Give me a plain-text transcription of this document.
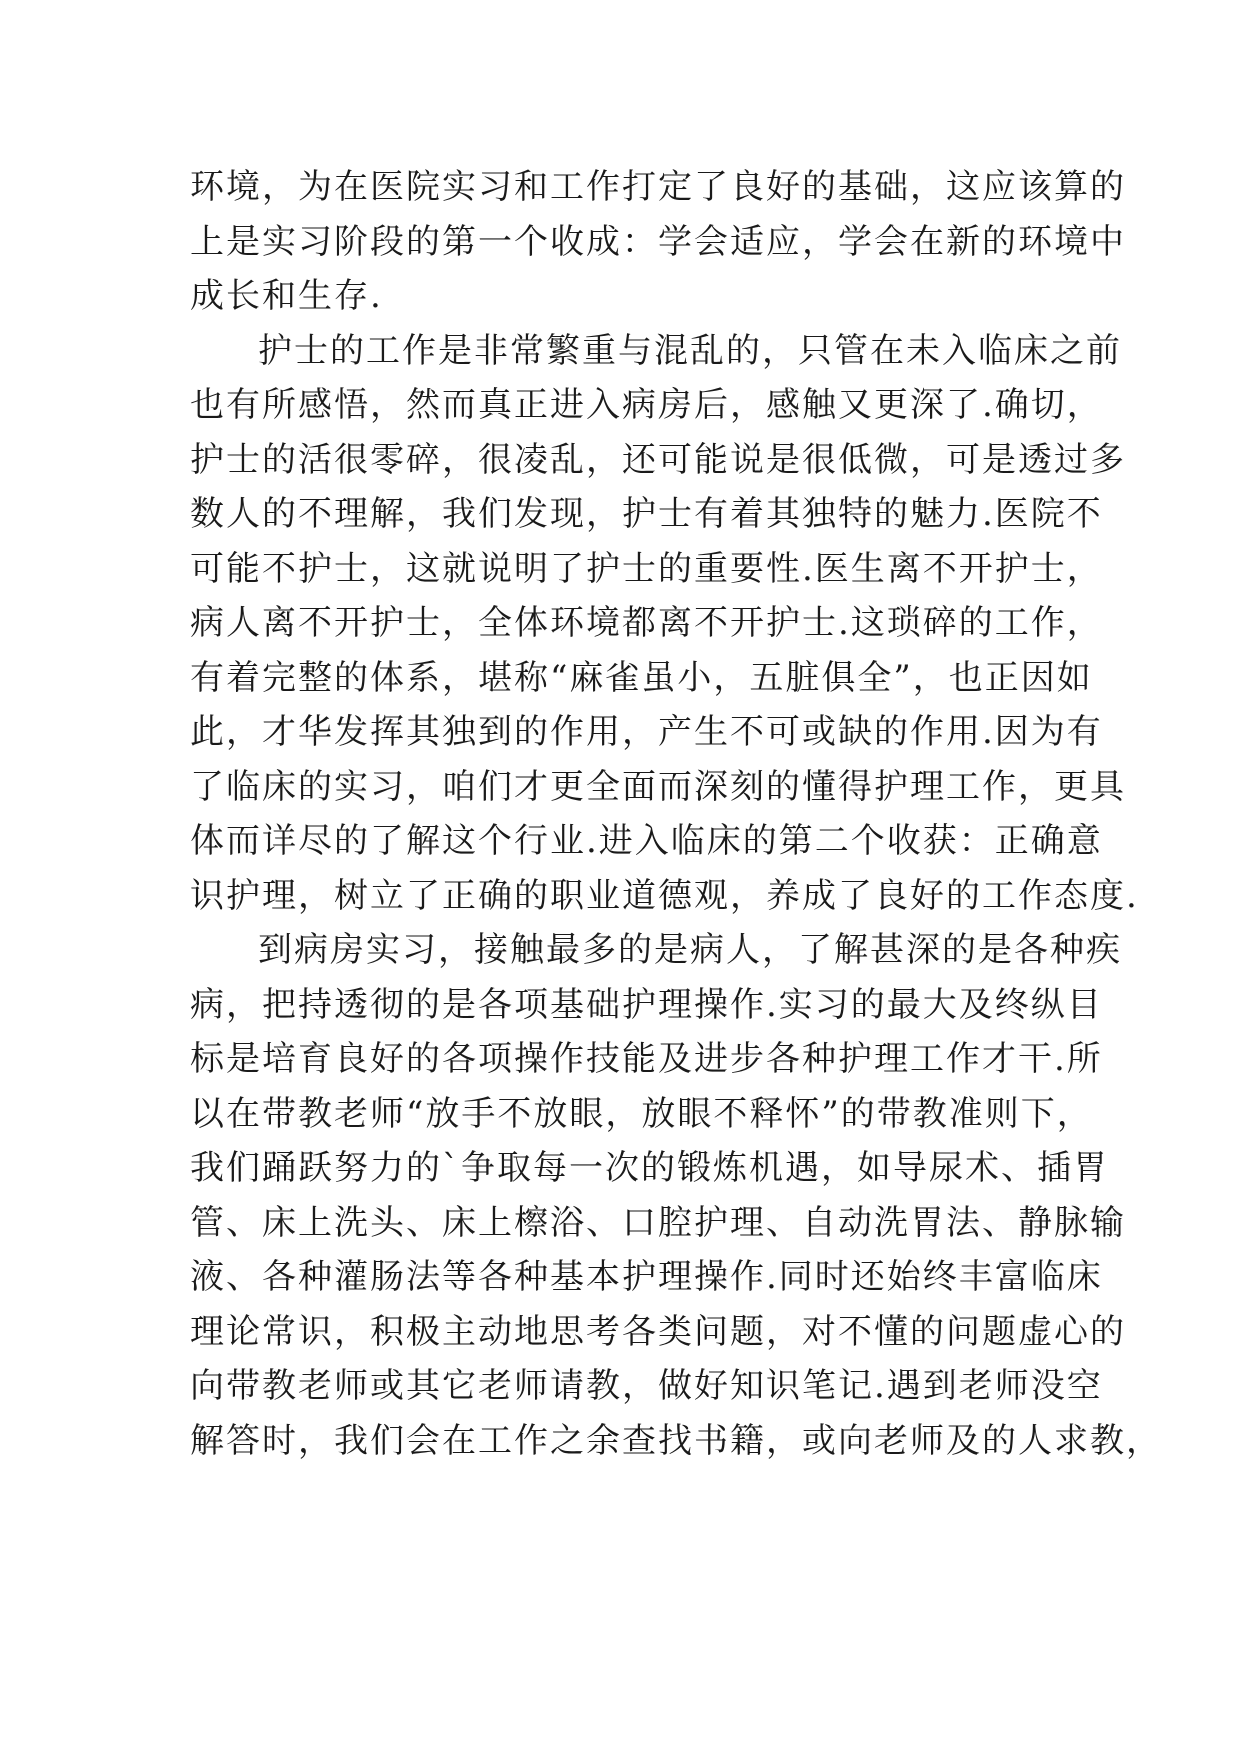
环境，为在医院实习和工作打定了良好的基础，这应该算的
上是实习阶段的第一个收成：学会适应，学会在新的环境中
成长和生存.
护士的工作是非常繁重与混乱的，只管在未入临床之前
也有所感悟，然而真正进入病房后，感触又更深了.确切，
护士的活很零碎，很凌乱，还可能说是很低微，可是透过多
数人的不理解，我们发现，护士有着其独特的魅力.医院不
可能不护士，这就说明了护士的重要性.医生离不开护士，
病人离不开护士，全体环境都离不开护士.这琐碎的工作，
有着完整的体系，堪称“麻雀虽小，五脏俱全”，也正因如
此，才华发挥其独到的作用，产生不可或缺的作用.因为有
了临床的实习，咱们才更全面而深刻的懂得护理工作，更具
体而详尽的了解这个行业.进入临床的第二个收获：正确意
识护理，树立了正确的职业道德观，养成了良好的工作态度.
到病房实习，接触最多的是病人，了解甚深的是各种疾
病，把持透彻的是各项基础护理操作.实习的最大及终纵目
标是培育良好的各项操作技能及进步各种护理工作才干.所
以在带教老师“放手不放眼，放眼不释怀”的带教准则下，
我们踊跃努力的`争取每一次的锻炼机遇，如导尿术、插胃
管、床上洗头、床上檫浴、口腔护理、自动洗胃法、静脉输
液、各种灌肠法等各种基本护理操作.同时还始终丰富临床
理论常识，积极主动地思考各类问题，对不懂的问题虚心的
向带教老师或其它老师请教，做好知识笔记.遇到老师没空
解答时，我们会在工作之余查找书籍，或向老师及的人求教，
